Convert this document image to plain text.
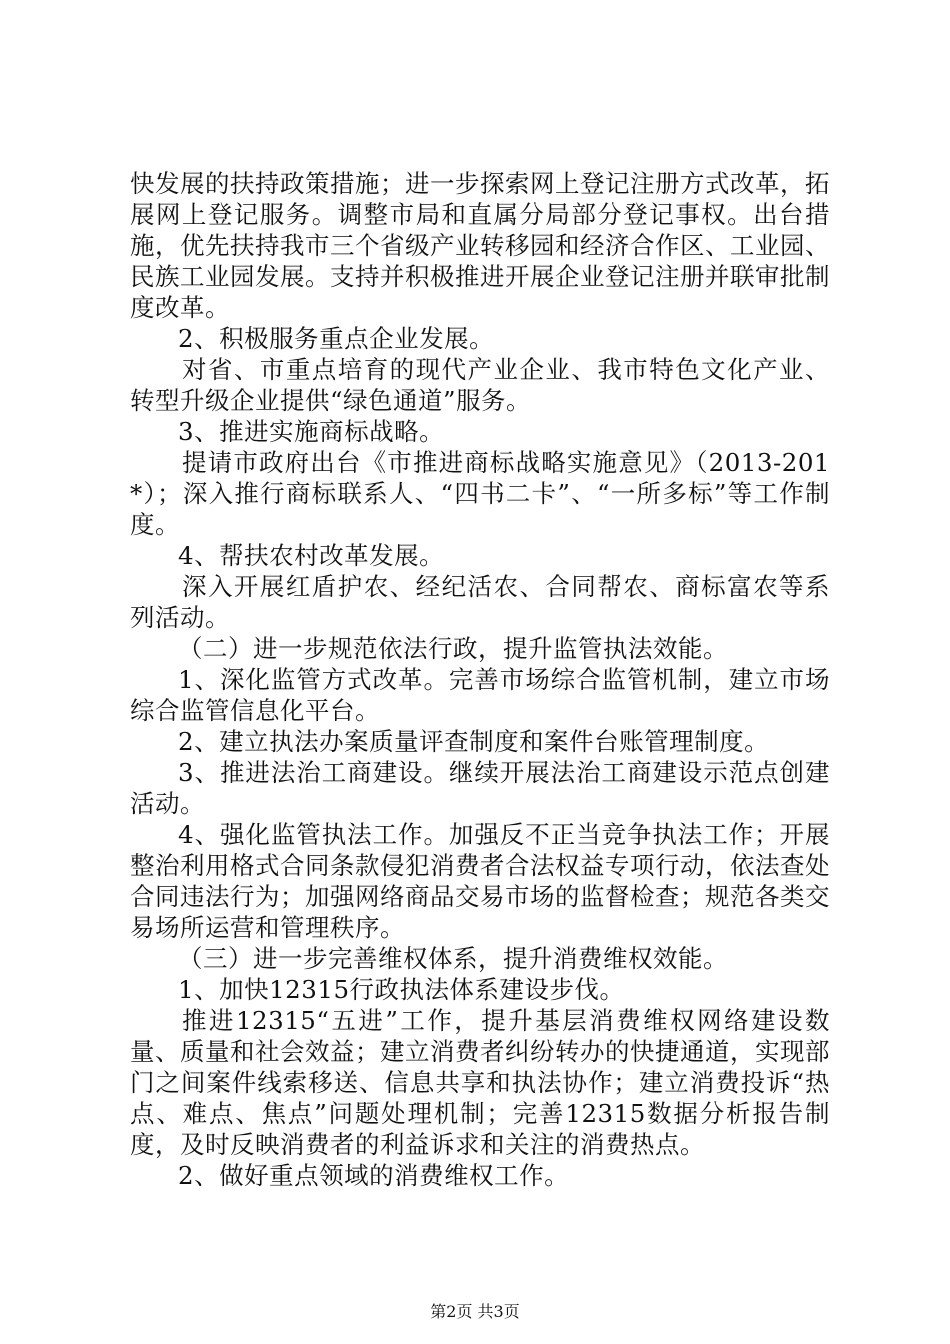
快发展的扶持政策措施；进一步探索网上登记注册方式改革，拓展网上登记服务。调整市局和直属分局部分登记事权。出台措施，优先扶持我市三个省级产业转移园和经济合作区、工业园、民族工业园发展。支持并积极推进开展企业登记注册并联审批制度改革。

2、积极服务重点企业发展。

对省、市重点培育的现代产业企业、我市特色文化产业、转型升级企业提供“绿色通道”服务。

3、推进实施商标战略。

提请市政府出台《市推进商标战略实施意见》（2013-201*）；深入推行商标联系人、“四书二卡”、“一所多标”等工作制度。

4、帮扶农村改革发展。

深入开展红盾护农、经纪活农、合同帮农、商标富农等系列活动。

（二）进一步规范依法行政，提升监管执法效能。

1、深化监管方式改革。完善市场综合监管机制，建立市场综合监管信息化平台。

2、建立执法办案质量评查制度和案件台账管理制度。

3、推进法治工商建设。继续开展法治工商建设示范点创建活动。

4、强化监管执法工作。加强反不正当竞争执法工作；开展整治利用格式合同条款侵犯消费者合法权益专项行动，依法查处合同违法行为；加强网络商品交易市场的监督检查；规范各类交易场所运营和管理秩序。

（三）进一步完善维权体系，提升消费维权效能。

1、加快12315行政执法体系建设步伐。

推进12315“五进”工作，提升基层消费维权网络建设数量、质量和社会效益；建立消费者纠纷转办的快捷通道，实现部门之间案件线索移送、信息共享和执法协作；建立消费投诉“热点、难点、焦点”问题处理机制；完善12315数据分析报告制度，及时反映消费者的利益诉求和关注的消费热点。

2、做好重点领域的消费维权工作。

第2页 共3页
